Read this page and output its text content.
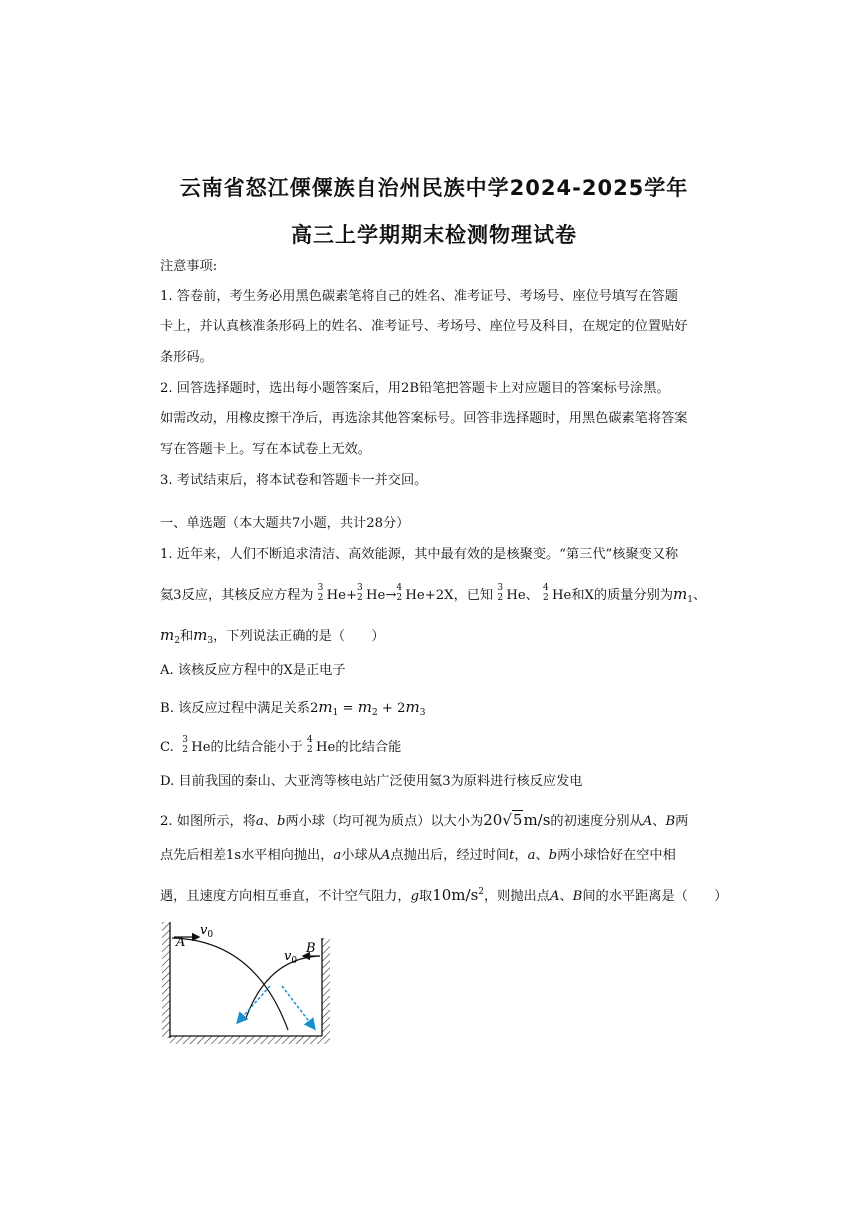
云南省怒江傈僳族自治州民族中学2024-2025学年
高三上学期期末检测物理试卷
注意事项:
1. 答卷前，考生务必用黑色碳素笔将自己的姓名、准考证号、考场号、座位号填写在答题
卡上，并认真核准条形码上的姓名、准考证号、考场号、座位号及科目，在规定的位置贴好
条形码。
2. 回答选择题时，选出每小题答案后，用2B铅笔把答题卡上对应题目的答案标号涂黑。
如需改动，用橡皮擦干净后，再选涂其他答案标号。回答非选择题时，用黑色碳素笔将答案
写在答题卡上。写在本试卷上无效。
3. 考试结束后，将本试卷和答题卡一并交回。
一、单选题（本大题共7小题，共计28分）
1. 近年来，人们不断追求清洁、高效能源，其中最有效的是核聚变。“第三代”核聚变又称
氦3反应，其核反应方程为 3
2 He+ 3
2 He→ 4
2 He+2X，已知 3
2 He、 4
2 He和X的质量分别为$m_1$、
$m_2$和$m_3$，下列说法正确的是（　　）
A. 该核反应方程中的X是正电子
B. 该反应过程中满足关系$2m_1 = m_2 + 2m_3$
C. 3
2 He的比结合能小于 4
2 He的比结合能
D. 目前我国的秦山、大亚湾等核电站广泛使用氦3为原料进行核反应发电
2. 如图所示，将a、b两小球（均可视为质点）以大小为20√5m/s的初速度分别从A、B两
点先后相差1s水平相向抛出，a小球从A点抛出后，经过时间t，a、b两小球恰好在空中相
遇，且速度方向相互垂直，不计空气阻力，g取$10m/s^2$，则抛出点A、B间的水平距离是（　　）
A
$v_0$
B
$v_0$
